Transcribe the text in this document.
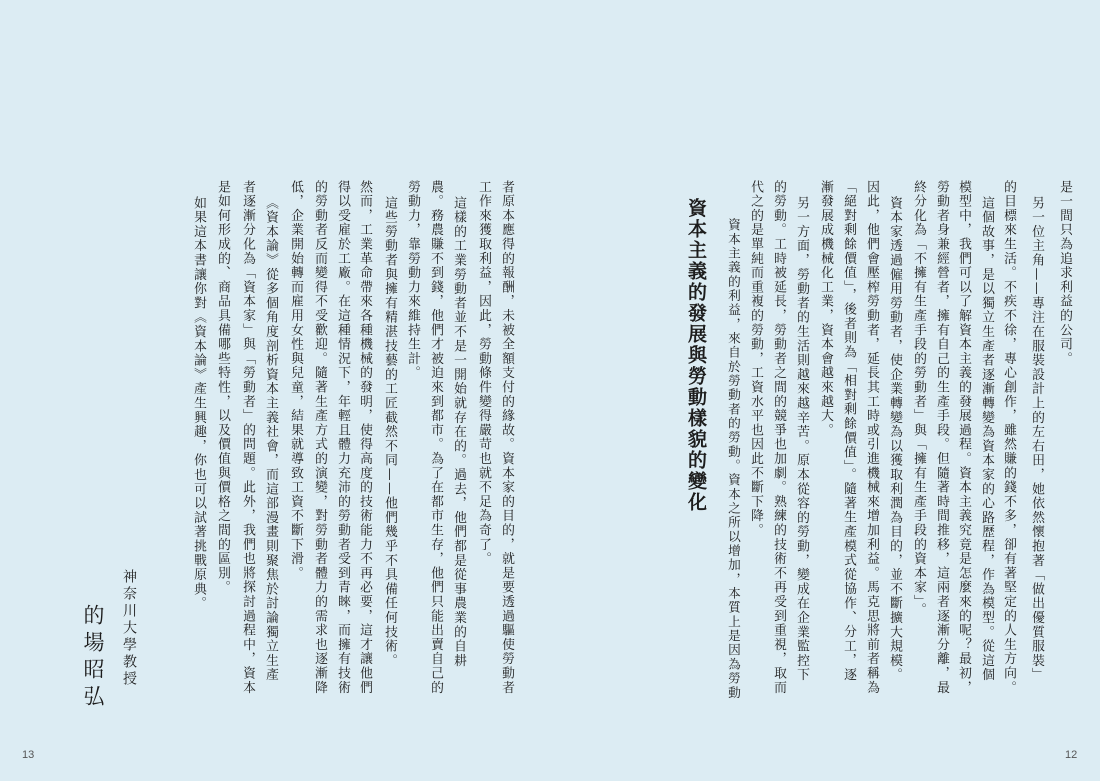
是一間只為追求利益的公司。
另一位主角——專注在服裝設計上的左右田，她依然懷抱著「做出優質服裝」
的目標來生活。不疾不徐，專心創作，雖然賺的錢不多，卻有著堅定的人生方向。
這個故事，是以獨立生產者逐漸轉變為資本家的心路歷程，作為模型。從這個
模型中，我們可以了解資本主義的發展過程。資本主義究竟是怎麼來的呢？最初，
勞動者身兼經營者，擁有自己的生產手段。但隨著時間推移，這兩者逐漸分離，最
終分化為「不擁有生產手段的勞動者」與「擁有生產手段的資本家」。
資本家透過僱用勞動者，使企業轉變為以獲取利潤為目的，並不斷擴大規模。
因此，他們會壓榨勞動者，延長其工時或引進機械來增加利益。馬克思將前者稱為
「絕對剩餘價值」，後者則為「相對剩餘價值」。隨著生產模式從協作、分工，逐
漸發展成機械化工業，資本會越來越大。
另一方面，勞動者的生活則越來越辛苦。原本從容的勞動，變成在企業監控下
的勞動。工時被延長，勞動者之間的競爭也加劇。熟練的技術不再受到重視，取而
代之的是單純而重複的勞動，工資水平也因此不斷下降。
資本主義的發展與勞動樣貌的變化 資本主義的利益，來自於勞動者的勞動。資本之所以增加，本質上是因為勞動
12
者原本應得的報酬，未被全額支付的緣故。資本家的目的，就是要透過驅使勞動者
工作來獲取利益，因此，勞動條件變得嚴苛也就不足為奇了。
這樣的工業勞動者並不是一開始就存在的。過去，他們都是從事農業的自耕
農。務農賺不到錢，他們才被迫來到都市。為了在都市生存，他們只能出賣自己的
勞動力，靠勞動力來維持生計。
這些勞動者與擁有精湛技藝的工匠截然不同——他們幾乎不具備任何技術。
然而，工業革命帶來各種機械的發明，使得高度的技術能力不再必要，這才讓他們
得以受雇於工廠。在這種情況下，年輕且體力充沛的勞動者受到青睞，而擁有技術
的勞動者反而變得不受歡迎。隨著生產方式的演變，對勞動者體力的需求也逐漸降
低，企業開始轉而雇用女性與兒童，結果就導致工資不斷下滑。
《資本論》從多個角度剖析資本主義社會，而這部漫畫則聚焦於討論獨立生產
者逐漸分化為「資本家」與「勞動者」的問題。此外，我們也將探討過程中，資本
是如何形成的、商品具備哪些特性，以及價值與價格之間的區別。
如果這本書讓你對《資本論》產生興趣，你也可以試著挑戰原典。
神奈川大學教授
的場昭弘
13
